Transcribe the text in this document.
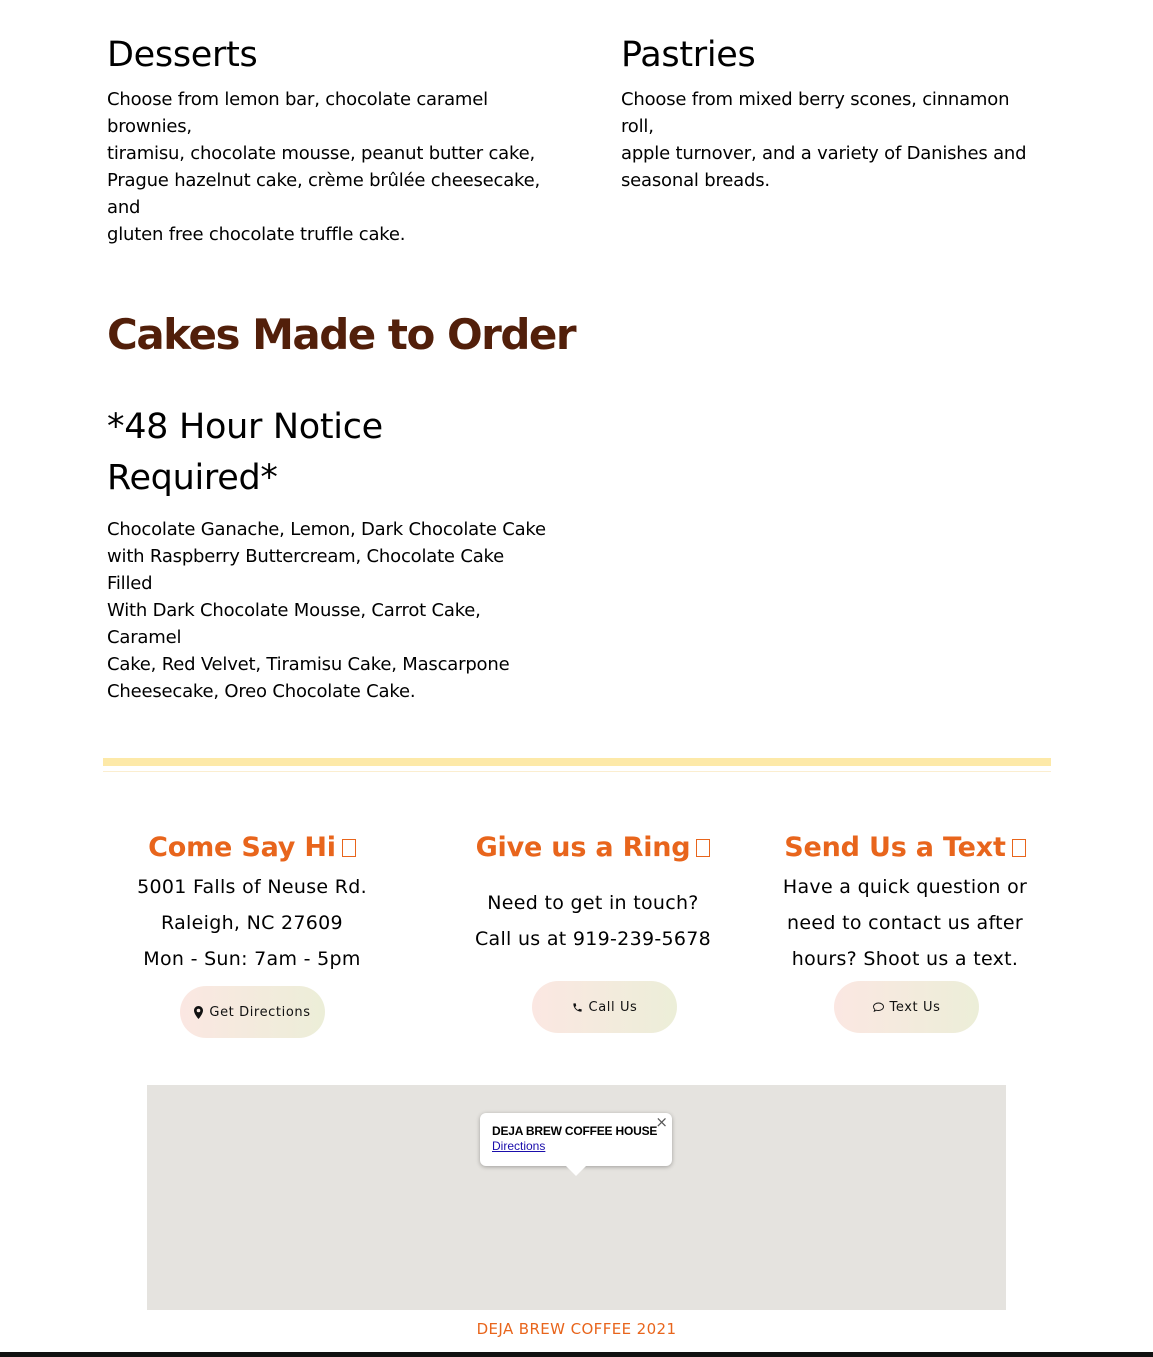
Desserts

Choose from lemon bar, chocolate caramel brownies,

tiramisu, chocolate mousse, peanut butter cake,

Prague hazelnut cake, crème brûlée cheesecake, and

gluten free chocolate truffle cake.

Pastries

Choose from mixed berry scones, cinnamon roll,

apple turnover, and a variety of Danishes and

seasonal breads.

Cakes Made to Order

*48 Hour Notice

Required*

Chocolate Ganache, Lemon, Dark Chocolate Cake

with Raspberry Buttercream, Chocolate Cake Filled

With Dark Chocolate Mousse, Carrot Cake, Caramel

Cake, Red Velvet, Tiramisu Cake, Mascarpone

Cheesecake, Oreo Chocolate Cake.

Come Say Hi

5001 Falls of Neuse Rd.

Raleigh, NC 27609

Mon - Sun: 7am - 5pm

Get Directions
Give us a Ring

Need to get in touch?

Call us at 919-239-5678

Call Us
Send Us a Text

Have a quick question or

need to contact us after

hours? Shoot us a text.

Text Us
DEJA BREW COFFEE HOUSE
Directions
×
DEJA BREW COFFEE 2021
